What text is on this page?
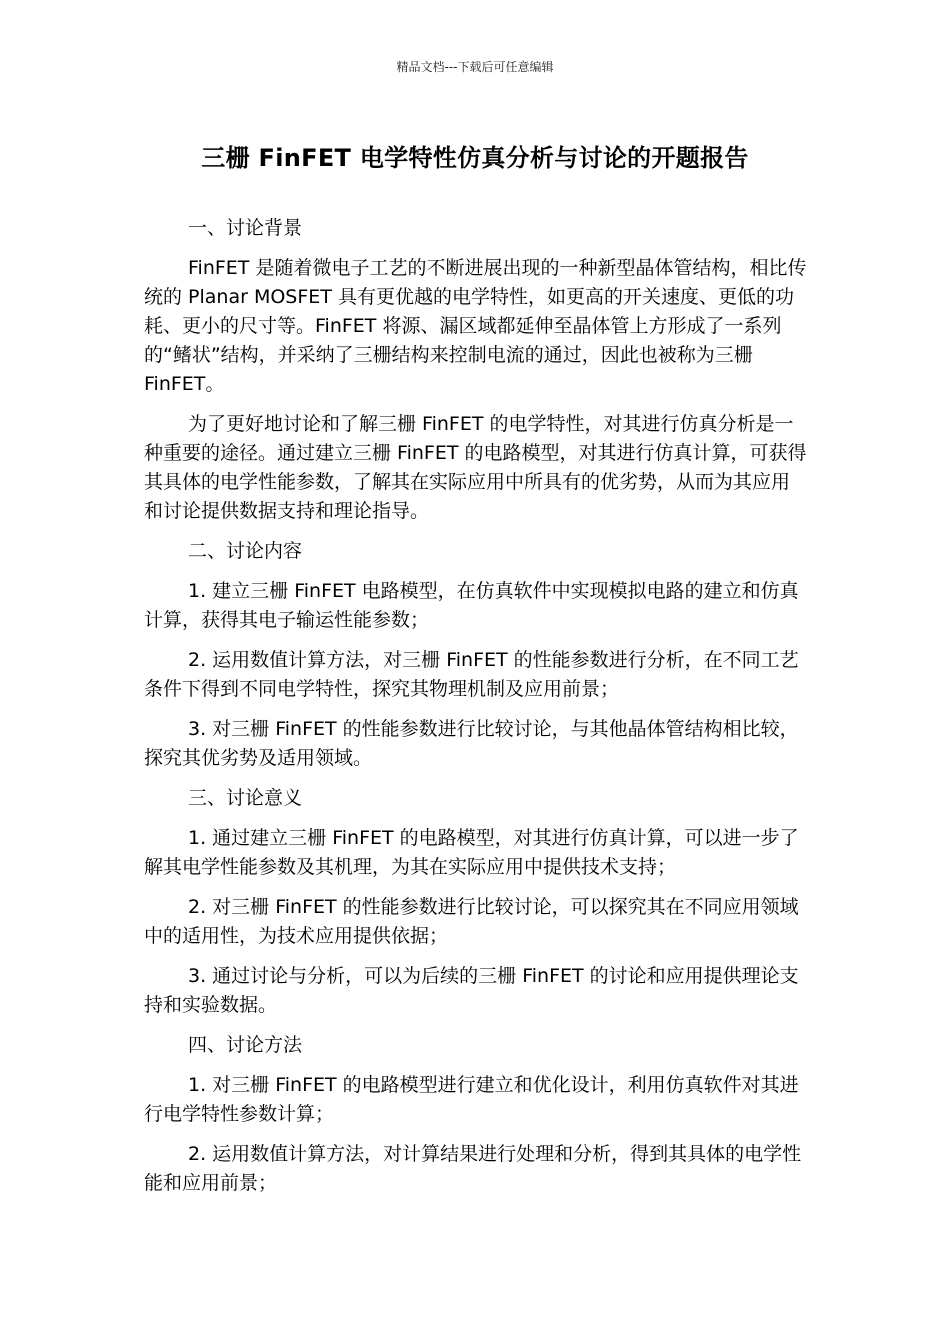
精品文档---下载后可任意编辑
三栅 FinFET 电学特性仿真分析与讨论的开题报告

一、讨论背景

FinFET 是随着微电子工艺的不断进展出现的一种新型晶体管结构，相比传统的 Planar MOSFET 具有更优越的电学特性，如更高的开关速度、更低的功耗、更小的尺寸等。FinFET 将源、漏区域都延伸至晶体管上方形成了一系列的“鳍状”结构，并采纳了三栅结构来控制电流的通过，因此也被称为三栅 FinFET。

为了更好地讨论和了解三栅 FinFET 的电学特性，对其进行仿真分析是一种重要的途径。通过建立三栅 FinFET 的电路模型，对其进行仿真计算，可获得其具体的电学性能参数，了解其在实际应用中所具有的优劣势，从而为其应用和讨论提供数据支持和理论指导。

二、讨论内容

1. 建立三栅 FinFET 电路模型，在仿真软件中实现模拟电路的建立和仿真计算，获得其电子输运性能参数；

2. 运用数值计算方法，对三栅 FinFET 的性能参数进行分析，在不同工艺条件下得到不同电学特性，探究其物理机制及应用前景；

3. 对三栅 FinFET 的性能参数进行比较讨论，与其他晶体管结构相比较，探究其优劣势及适用领域。

三、讨论意义

1. 通过建立三栅 FinFET 的电路模型，对其进行仿真计算，可以进一步了解其电学性能参数及其机理，为其在实际应用中提供技术支持；

2. 对三栅 FinFET 的性能参数进行比较讨论，可以探究其在不同应用领域中的适用性，为技术应用提供依据；

3. 通过讨论与分析，可以为后续的三栅 FinFET 的讨论和应用提供理论支持和实验数据。

四、讨论方法

1. 对三栅 FinFET 的电路模型进行建立和优化设计，利用仿真软件对其进行电学特性参数计算；

2. 运用数值计算方法，对计算结果进行处理和分析，得到其具体的电学性能和应用前景；
